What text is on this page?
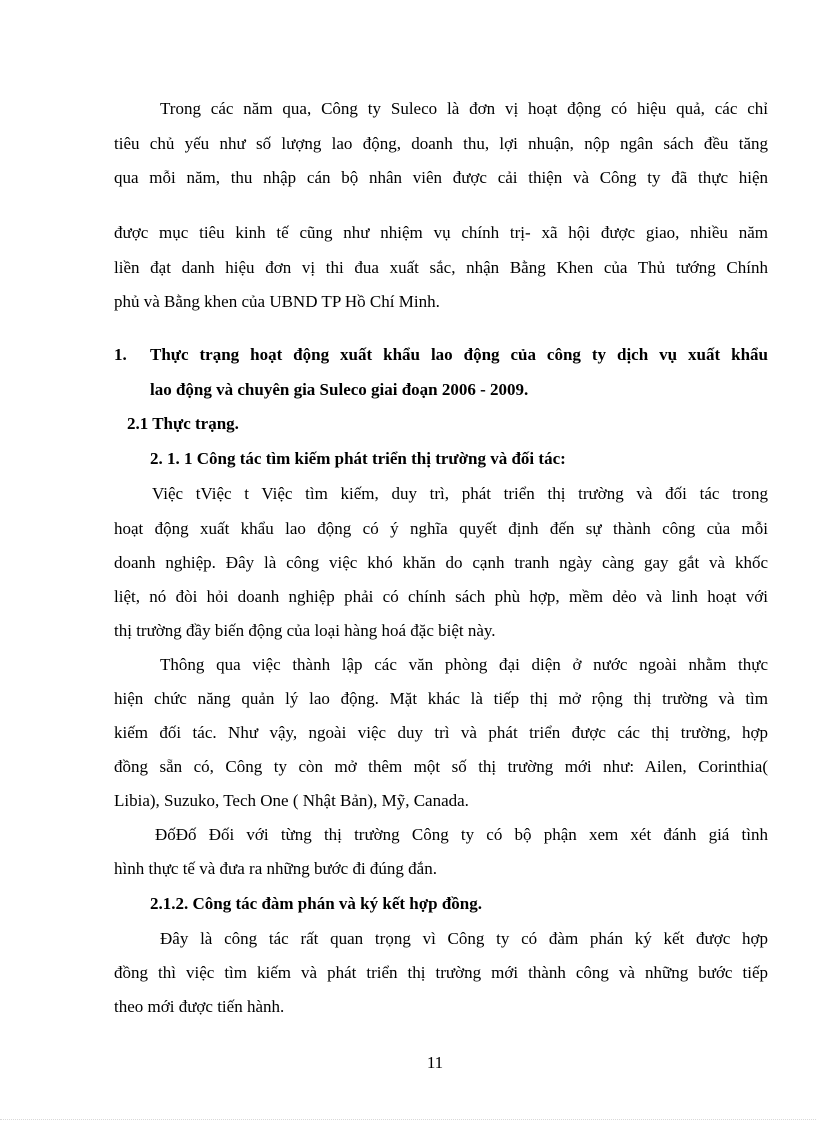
Trong các năm qua, Công ty Suleco là đơn vị hoạt động có hiệu quả, các chỉ
tiêu chủ yếu như số lượng lao động, doanh thu, lợi nhuận, nộp ngân sách đều tăng
qua mỗi năm, thu nhập cán bộ nhân viên được cải thiện và Công ty đã thực hiện
được mục tiêu kinh tế cũng như nhiệm vụ chính trị- xã hội được giao, nhiều năm
liền đạt danh hiệu đơn vị thi đua xuất sắc, nhận Bằng Khen của Thủ tướng Chính
phủ và Bằng khen của UBND TP Hồ Chí Minh.
1. Thực trạng hoạt động xuất khẩu lao động của công ty dịch vụ xuất khẩu
lao động và chuyên gia Suleco giai đoạn 2006 - 2009.
2.1 Thực trạng.
2. 1. 1 Công tác tìm kiếm phát triển thị trường và đối tác:
Việc tViệc t Việc tìm kiếm, duy trì, phát triển thị trường và đối tác trong
hoạt động xuất khẩu lao động có ý nghĩa quyết định đến sự thành công của mỗi
doanh nghiệp. Đây là công việc khó khăn do cạnh tranh ngày càng gay gắt và khốc
liệt, nó đòi hỏi doanh nghiệp phải có chính sách phù hợp, mềm dẻo và linh hoạt với
thị trường đầy biến động của loại hàng hoá đặc biệt này.
Thông qua việc thành lập các văn phòng đại diện ở nước ngoài nhằm thực
hiện chức năng quản lý lao động. Mặt khác là tiếp thị mở rộng thị trường và tìm
kiếm đối tác. Như vậy, ngoài việc duy trì và phát triển được các thị trường, hợp
đồng sẵn có, Công ty còn mở thêm một số thị trường mới như: Ailen, Corinthia(
Libia), Suzuko, Tech One ( Nhật Bản), Mỹ, Canada.
ĐốĐố Đối với từng thị trường Công ty có bộ phận xem xét đánh giá tình
hình thực tế và đưa ra những bước đi đúng đắn.
2.1.2. Công tác đàm phán và ký kết hợp đồng.
Đây là công tác rất quan trọng vì Công ty có đàm phán ký kết được hợp
đồng thì việc tìm kiếm và phát triển thị trường mới thành công và những bước tiếp
theo mới được tiến hành.
11
